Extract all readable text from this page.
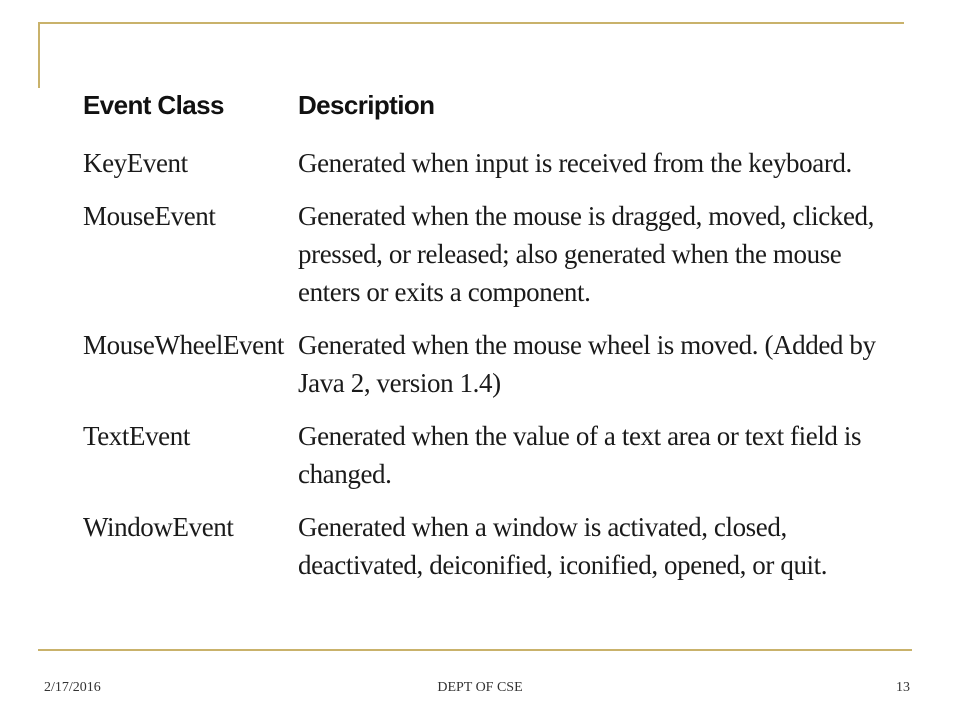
Event Class	Description
KeyEvent	Generated when input is received from the keyboard.
MouseEvent	Generated when the mouse is dragged, moved, clicked, pressed, or released; also generated when the mouse enters or exits a component.
MouseWheelEvent Generated when the mouse wheel is moved. (Added by Java 2, version 1.4)
TextEvent	Generated when the value of a text area or text field is changed.
WindowEvent	Generated when a window is activated, closed, deactivated, deiconified, iconified, opened, or quit.
2/17/2016	DEPT OF CSE	13
